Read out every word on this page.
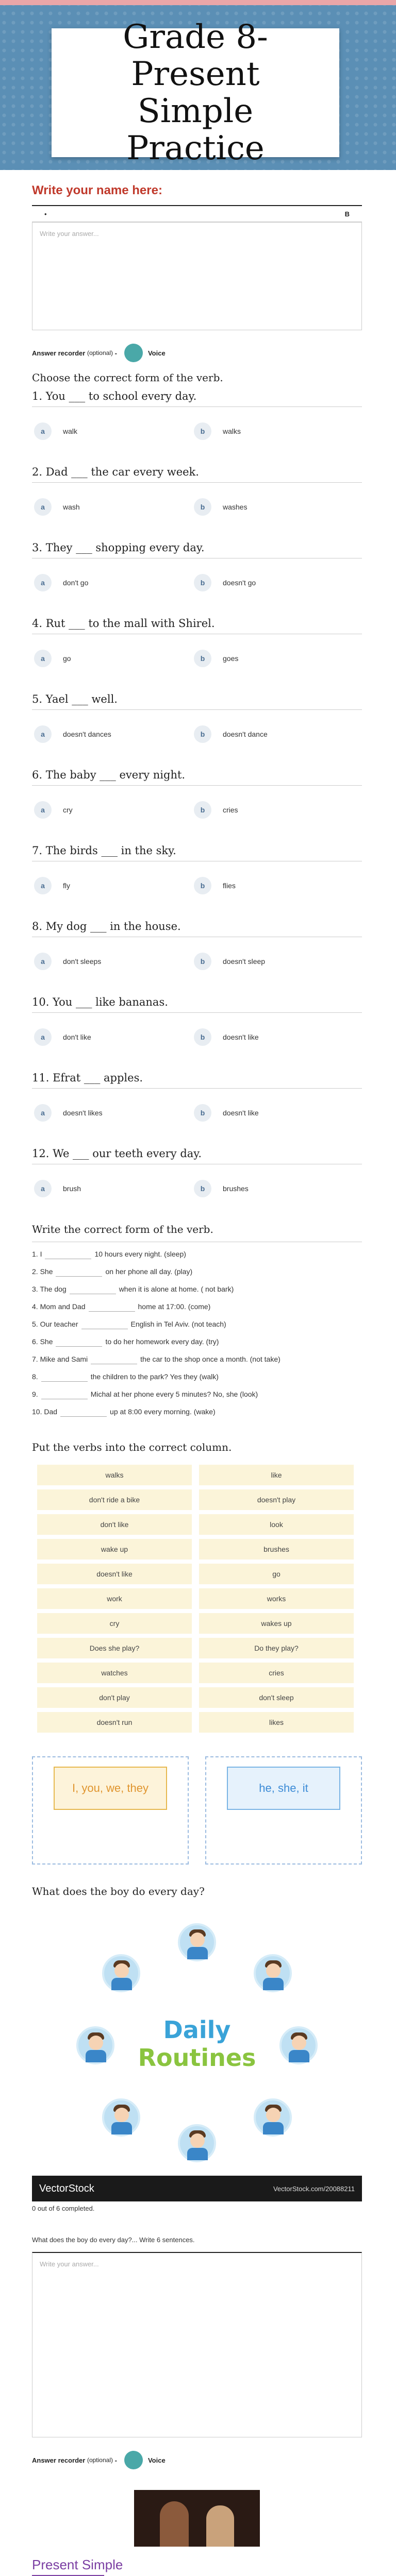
Grade 8- Present Simple Practice
Write your name here:
•	B
Write your answer...
Answer recorder
(optional)
-	Voice
Choose the correct form of the verb.
1. You ___ to school every day.
a	walk	b	walks
2. Dad ___ the car every week.
a	wash	b	washes
3. They ___ shopping every day.
a	don't go	b	doesn't go
4. Rut ___ to the mall with Shirel.
a	go	b	goes
5. Yael ___ well.
a	doesn't dances	b	doesn't dance
6. The baby ___ every night.
a	cry	b	cries
7. The birds ___ in the sky.
a	fly	b	flies
8. My dog ___ in the house.
a	don't sleeps	b	doesn't sleep
10. You ___ like bananas.
a	don't like	b	doesn't like
11. Efrat ___ apples.
a	doesn't likes	b	doesn't like
12. We ___ our teeth every day.
a	brush	b	brushes
Write the correct form of the verb.
1. I	10 hours every night. (sleep)
2. She	on her phone all day. (play)
3. The dog	when it is alone at home. ( not bark)
4. Mom and Dad	home at 17:00. (come)
5. Our teacher	English in Tel Aviv. (not teach)
6. She	to do her homework every day. (try)
7. Mike and Sami	the car to the shop once a month. (not take)
8.	the children to the park? Yes they (walk)
9.	Michal at her phone every 5 minutes? No, she (look)
10. Dad	up at 8:00 every morning. (wake)
Put the verbs into the correct column.
walks	like
don't ride a bike	doesn't play
don't like	look
wake up	brushes
doesn't like	go
work	works
cry	wakes up
Does she play?	Do they play?
watches	cries
don't play	don't sleep
doesn't run	likes
I, you, we, they	he, she, it
What does the boy do every day?
Daily
Routines
VectorStock	VectorStock.com/20088211
0 out of 6 completed.
What does the boy do every day?... Write 6 sentences.
Write your answer...
Answer recorder
(optional)
-	Voice
Present Simple
